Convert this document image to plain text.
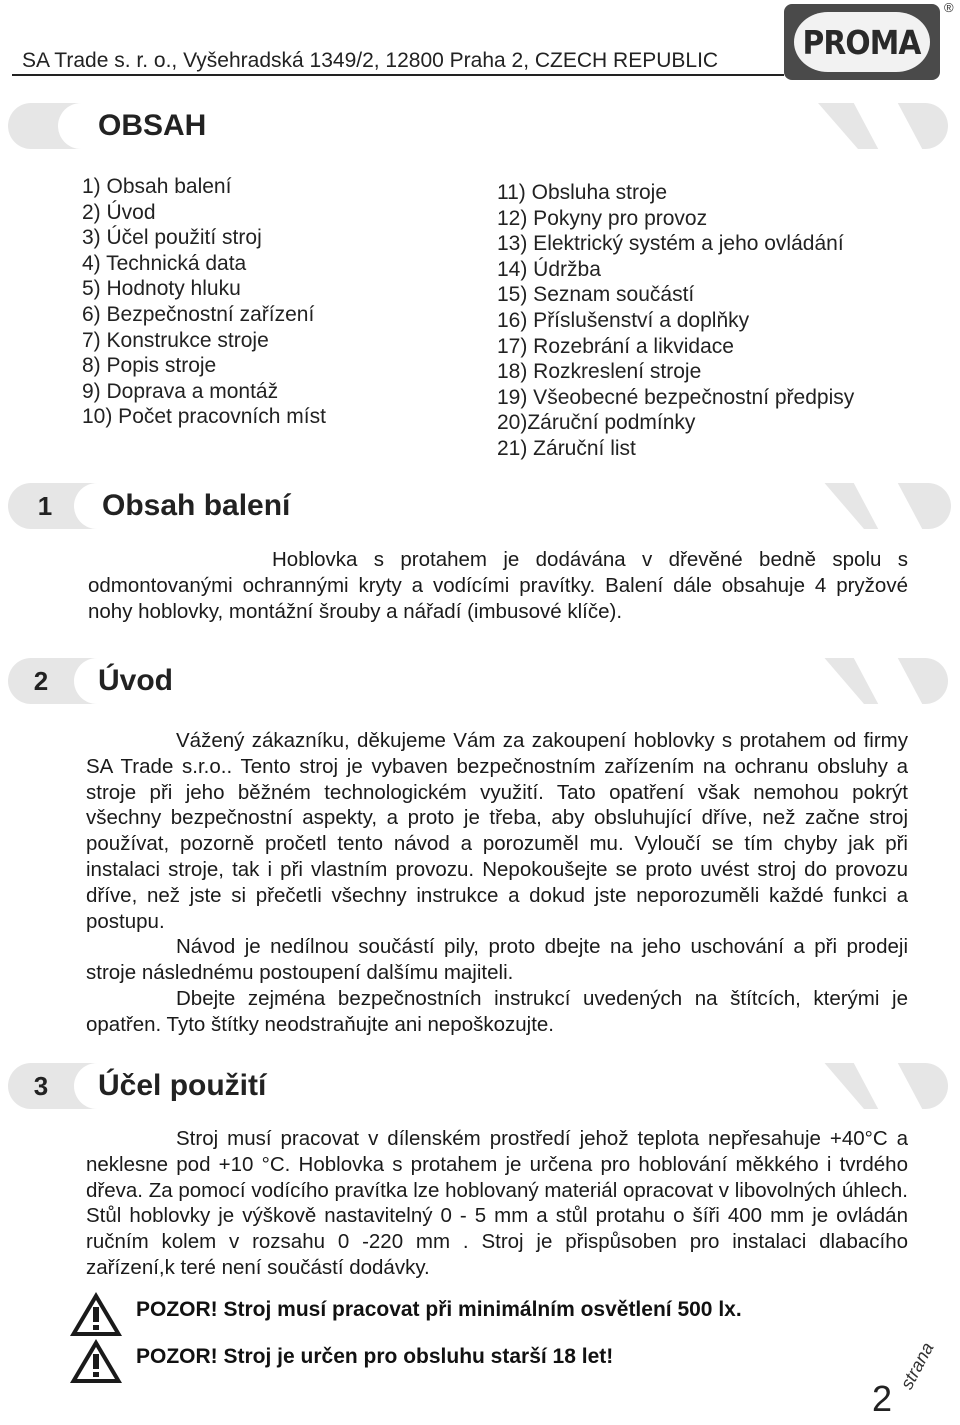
SA Trade s. r. o., Vyšehradská 1349/2, 12800 Praha 2, CZECH REPUBLIC	PROMA
®
OBSAH
1) Obsah balení
2) Úvod
3) Účel použití stroj
4) Technická data
5) Hodnoty hluku
6) Bezpečnostní zařízení
7) Konstrukce stroje
8) Popis stroje
9) Doprava a montáž
10) Počet pracovních míst
11) Obsluha stroje
12) Pokyny pro provoz
13) Elektrický systém a jeho ovládání
14) Údržba
15) Seznam součástí
16) Příslušenství a doplňky
17) Rozebrání a likvidace
18) Rozkreslení stroje
19) Všeobecné bezpečnostní předpisy
20)Záruční podmínky
21) Záruční list
1	Obsah balení

Hoblovka s protahem je dodávána v dřevěné bedně spolu s odmontovanými ochrannými kryty a vodícími pravítky. Balení dále obsahuje 4 pryžové nohy hoblovky, montážní šrouby a nářadí (imbusové klíče).

2	Úvod

Vážený zákazníku, děkujeme Vám za zakoupení hoblovky s protahem od firmy SA Trade s.r.o.. Tento stroj je vybaven bezpečnostním zařízením na ochranu obsluhy a stroje při jeho běžném technologickém využití. Tato opatření však nemohou pokrýt všechny bezpečnostní aspekty, a proto je třeba, aby obsluhující dříve, než začne stroj používat, pozorně pročetl tento návod a porozuměl mu. Vyloučí se tím chyby jak při instalaci stroje, tak i při vlastním provozu. Nepokoušejte se proto uvést stroj do provozu dříve, než jste si přečetli všechny instrukce a dokud jste neporozuměli každé funkci a postupu.

Návod je nedílnou součástí pily, proto dbejte na jeho uschování a při prodeji stroje následnému postoupení dalšímu majiteli.

Dbejte zejména bezpečnostních instrukcí uvedených na štítcích, kterými je opatřen. Tyto štítky neodstraňujte ani nepoškozujte.

3	Účel použití

Stroj musí pracovat v dílenském prostředí jehož teplota nepřesahuje +40°C a neklesne pod +10 °C. Hoblovka s protahem je určena pro hoblování měkkého i tvrdého dřeva. Za pomocí vodícího pravítka lze hoblovaný materiál opracovat v libovolných úhlech. Stůl hoblovky je výškově nastavitelný 0 - 5 mm a stůl protahu o šíři 400 mm je ovládán ručním kolem v rozsahu 0 -220 mm . Stroj je přispůsoben pro instalaci dlabacího zařízení,k teré není součástí dodávky.

POZOR! Stroj musí pracovat při minimálním osvětlení 500 lx.
POZOR! Stroj je určen pro obsluhu starší 18 let!
2
strana
